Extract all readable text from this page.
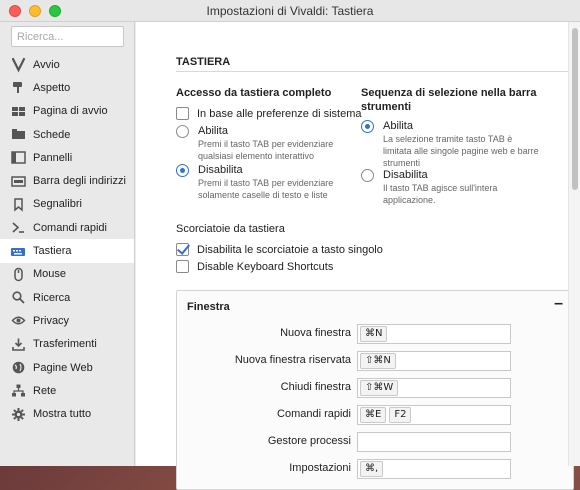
Impostazioni di Vivaldi: Tastiera
Ricerca...
Avvio
Aspetto
Pagina di avvio
Schede
Pannelli
Barra degli indirizzi
Segnalibri
Comandi rapidi
Tastiera
Mouse
Ricerca
Privacy
Trasferimenti
Pagine Web
Rete
Mostra tutto
TASTIERA
Accesso da tastiera completo
In base alle preferenze di sistema
Abilita
Premi il tasto TAB per evidenziare
qualsiasi elemento interattivo
Disabilita
Premi il tasto TAB per evidenziare
solamente caselle di testo e liste
Sequenza di selezione nella barra
strumenti
Abilita
La selezione tramite tasto TAB è
limitata alle singole pagine web e barre
strumenti
Disabilita
Il tasto TAB agisce sull'intera
applicazione.
Scorciatoie da tastiera
Disabilita le scorciatoie a tasto singolo
Disable Keyboard Shortcuts
Finestra	–
Nuova finestra	⌘N
Nuova finestra riservata	⇧⌘N
Chiudi finestra	⇧⌘W
Comandi rapidi	⌘E	F2
Gestore processi
Impostazioni	⌘,
